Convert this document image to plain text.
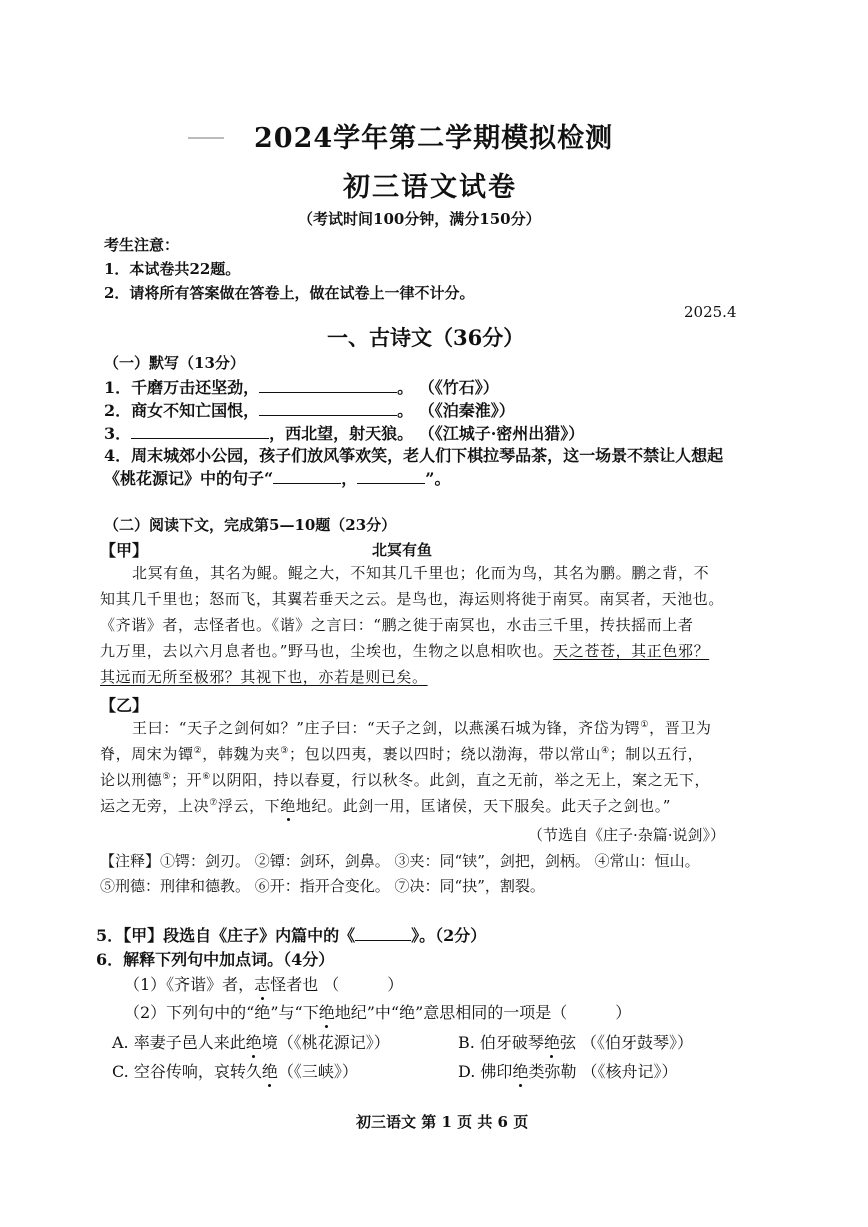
2024学年第二学期模拟检测
初三语文试卷
（考试时间100分钟，满分150分）
考生注意：
1．本试卷共22题。
2．请将所有答案做在答卷上，做在试卷上一律不计分。
2025.4
一、古诗文（36分）
（一）默写（13分）
1．千磨万击还坚劲，	。 （《竹石》）
2．商女不知亡国恨，	。 （《泊秦淮》）
3．	，西北望，射天狼。 （《江城子·密州出猎》）
4．周末城郊小公园，孩子们放风筝欢笑，老人们下棋拉琴品茶，这一场景不禁让人想起
《桃花源记》中的句子“	，	”。
（二）阅读下文，完成第5—10题（23分）
【甲】	北冥有鱼
北冥有鱼，其名为鲲。鲲之大，不知其几千里也；化而为鸟，其名为鹏。鹏之背，不
知其几千里也；怒而飞，其翼若垂天之云。是鸟也，海运则将徙于南冥。南冥者，天池也。
《齐谐》者，志怪者也。《谐》之言曰：“鹏之徙于南冥也，水击三千里，抟扶摇而上者
九万里，去以六月息者也。”野马也，尘埃也，生物之以息相吹也。天之苍苍，其正色邪？
其远而无所至极邪？其视下也，亦若是则已矣。
【乙】
王曰：“天子之剑何如？”庄子曰：“天子之剑，以燕溪石城为锋，齐岱为锷①，晋卫为
脊，周宋为镡②，韩魏为夹③；包以四夷，裹以四时；绕以渤海，带以常山④；制以五行，
论以刑德⑤；开⑥以阴阳，持以春夏，行以秋冬。此剑，直之无前，举之无上，案之无下，
运之无旁，上决⑦浮云，下绝地纪。此剑一用，匡诸侯，天下服矣。此天子之剑也。”
（节选自《庄子·杂篇·说剑》）
【注释】①锷：剑刃。 ②镡：剑环，剑鼻。 ③夹：同“铗”，剑把，剑柄。 ④常山：恒山。
⑤刑德：刑律和德教。 ⑥开：指开合变化。 ⑦决：同“抉”，割裂。
5．【甲】段选自《庄子》内篇中的《	》。（2分）
6．解释下列句中加点词。（4分）
（1）《齐谐》者，志怪者也 （　　　）
（2）下列句中的“绝”与“下绝地纪”中“绝”意思相同的一项是（　　　）
A. 率妻子邑人来此绝境（《桃花源记》）	B. 伯牙破琴绝弦 （《伯牙鼓琴》）
C. 空谷传响，哀转久绝（《三峡》）	D. 佛印绝类弥勒 （《核舟记》）
初三语文 第 1 页 共 6 页
